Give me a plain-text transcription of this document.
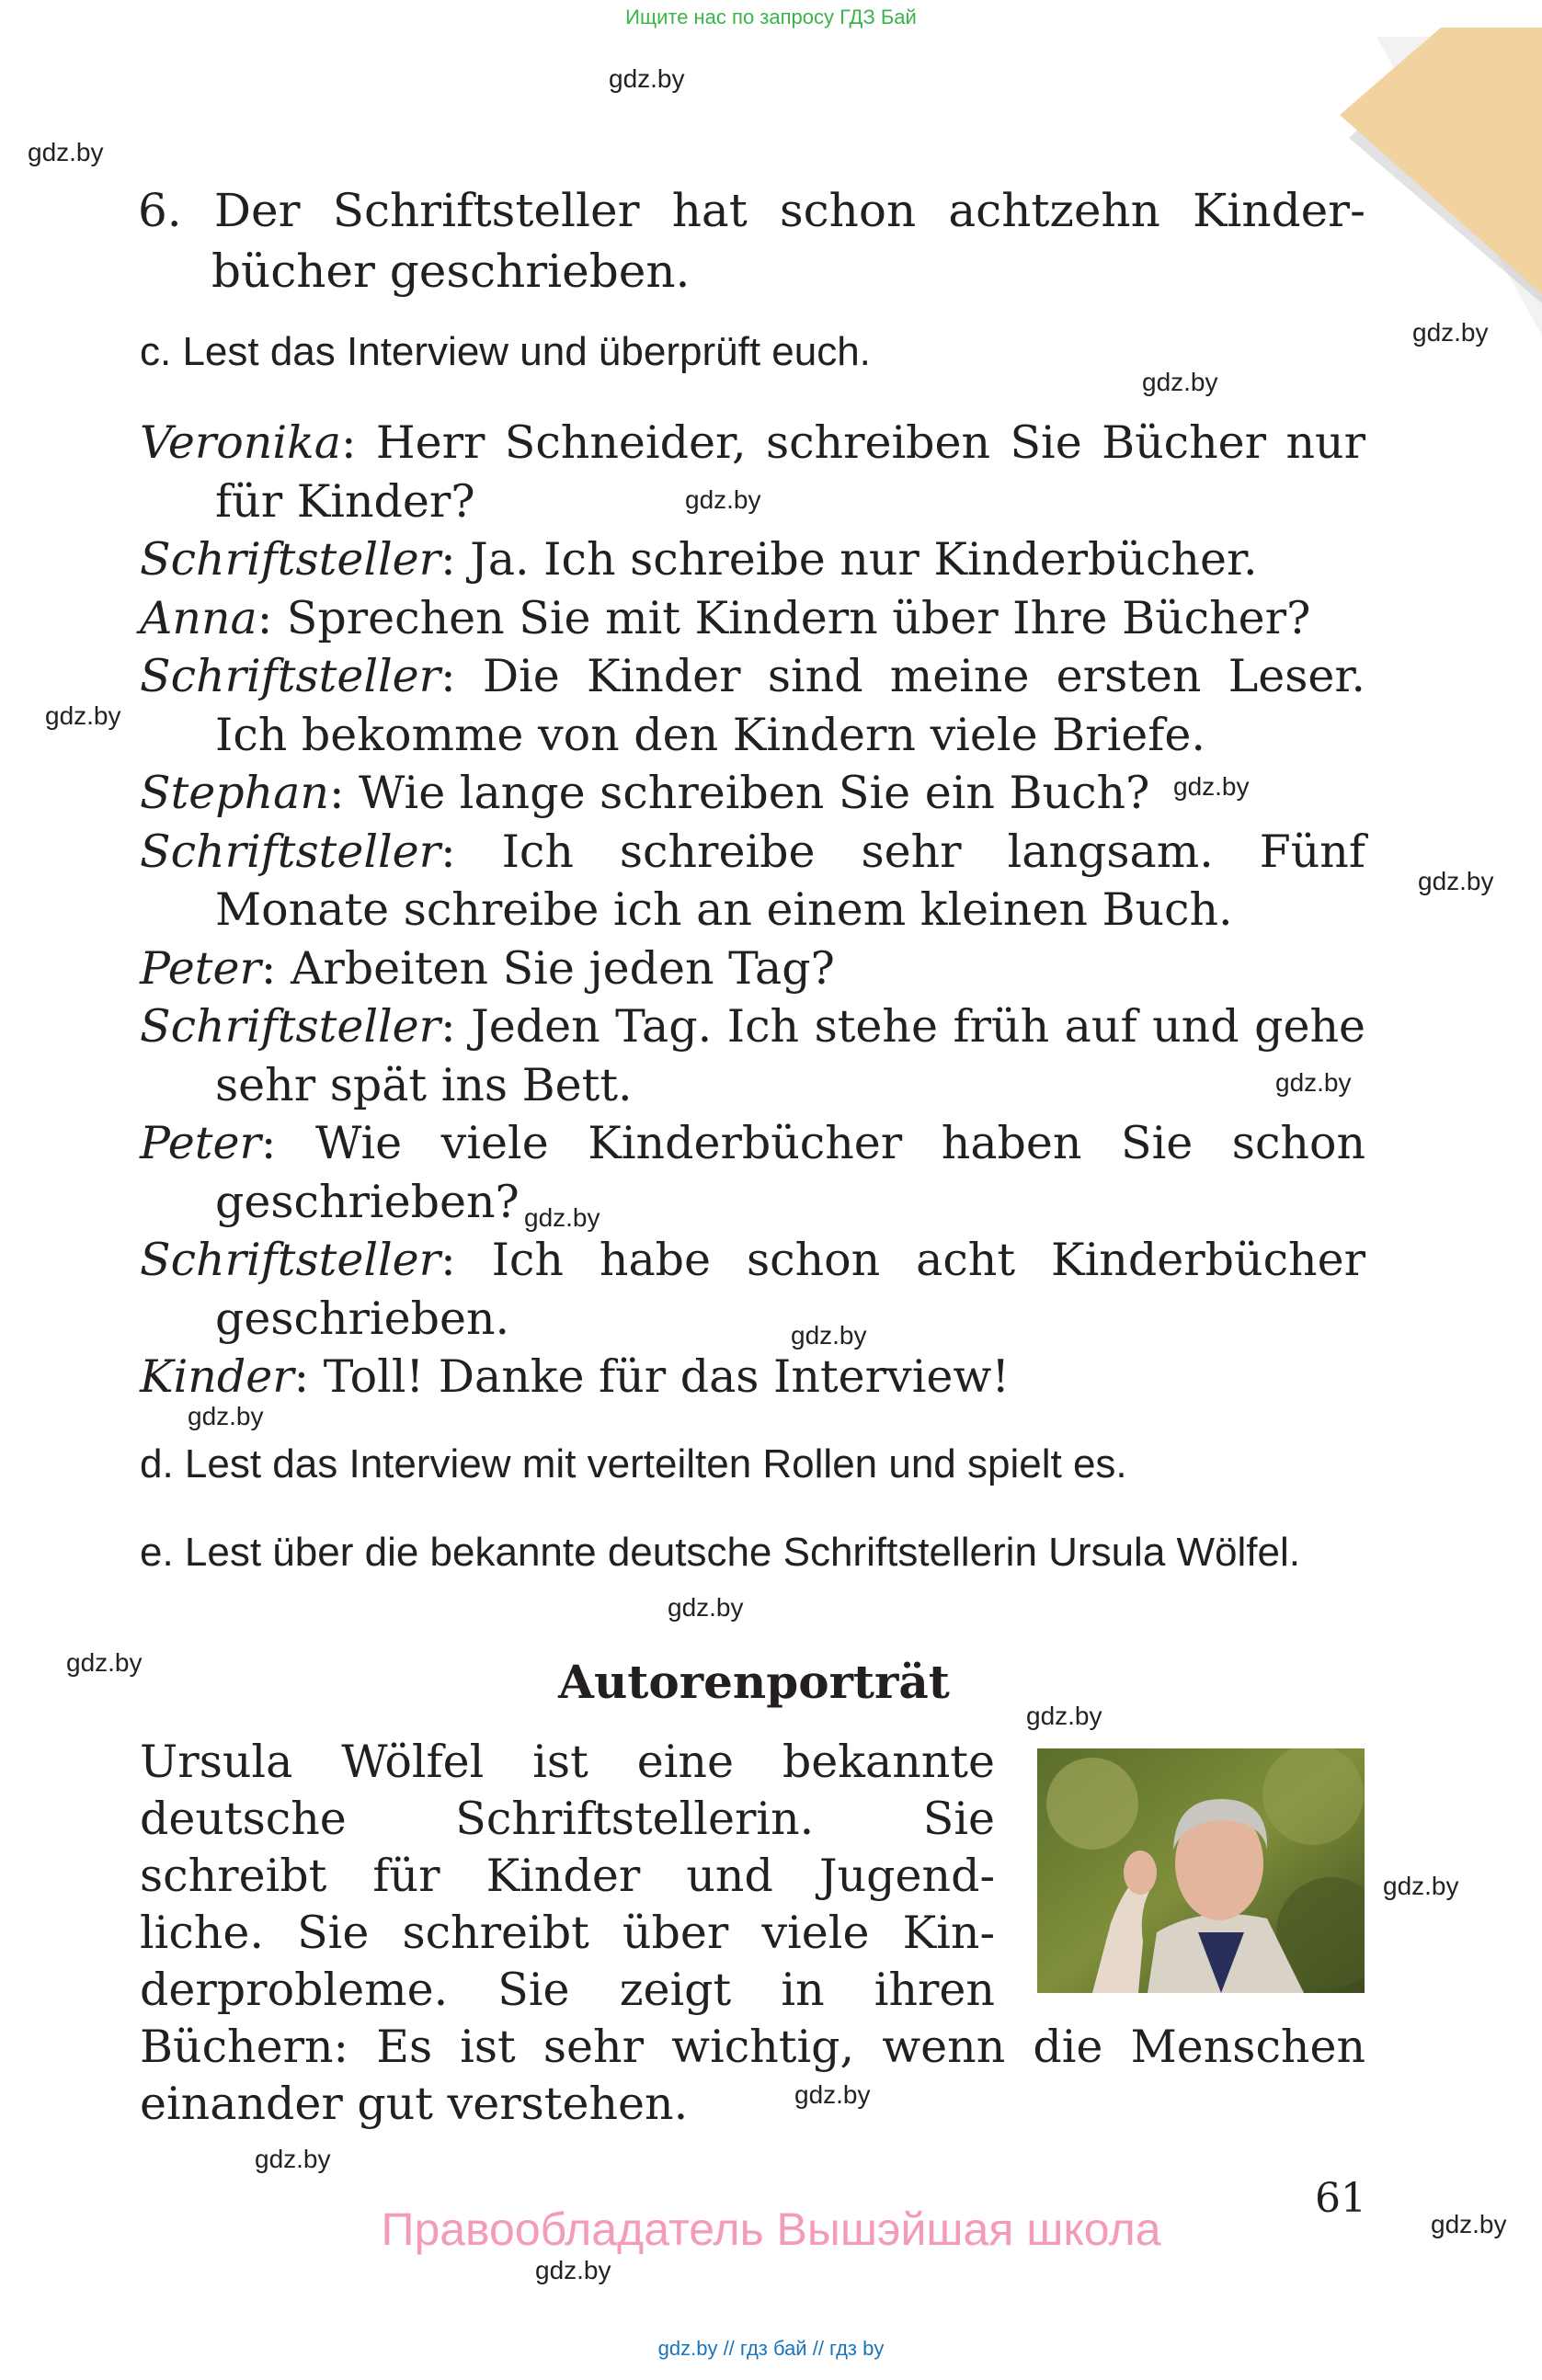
Ищите нас по запросу ГДЗ Бай
gdz.by
gdz.by
gdz.by
gdz.by
gdz.by
gdz.by
gdz.by
gdz.by
gdz.by
gdz.by
gdz.by
gdz.by
gdz.by
gdz.by
gdz.by
gdz.by
gdz.by
gdz.by
gdz.by
gdz.by
6. Der Schriftsteller hat schon achtzehn Kinder-
bücher geschrieben.
c. Lest das Interview und überprüft euch.
Veronika: Herr Schneider, schreiben Sie Bücher nur für Kinder?
Schriftsteller: Ja. Ich schreibe nur Kinderbücher.
Anna: Sprechen Sie mit Kindern über Ihre Bücher?
Schriftsteller: Die Kinder sind meine ersten Leser. Ich bekomme von den Kindern viele Briefe.
Stephan: Wie lange schreiben Sie ein Buch?
Schriftsteller: Ich schreibe sehr langsam. Fünf Monate schreibe ich an einem kleinen Buch.
Peter: Arbeiten Sie jeden Tag?
Schriftsteller: Jeden Tag. Ich stehe früh auf und gehe sehr spät ins Bett.
Peter: Wie viele Kinderbücher haben Sie schon geschrieben?
Schriftsteller: Ich habe schon acht Kinderbücher geschrieben.
Kinder: Toll! Danke für das Interview!
d. Lest das Interview mit verteilten Rollen und spielt es.
e. Lest über die bekannte deutsche Schriftstellerin Ursula Wölfel.
Autorenporträt
Ursula Wölfel ist eine bekannte
deutsche Schriftstellerin. Sie
schreibt für Kinder und Jugend-
liche. Sie schreibt über viele Kin-
derprobleme. Sie zeigt in ihren
Büchern: Es ist sehr wichtig, wenn die Menschen einander gut verstehen.
61
Правообладатель Вышэйшая школа
gdz.by // гдз бай // гдз by
